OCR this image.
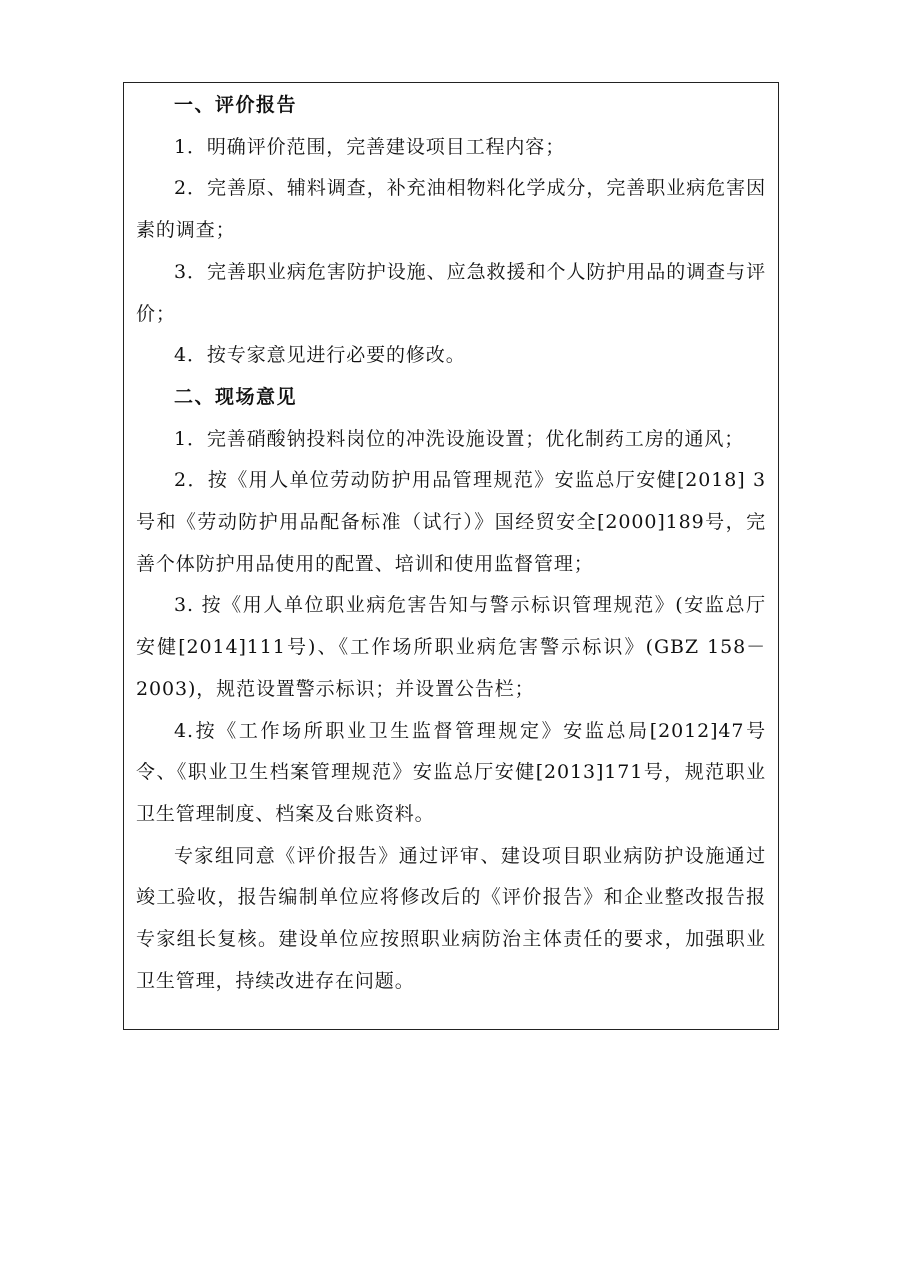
一、评价报告

1．明确评价范围，完善建设项目工程内容；

2．完善原、辅料调查，补充油相物料化学成分，完善职业病危害因素的调查；

3．完善职业病危害防护设施、应急救援和个人防护用品的调查与评价；

4．按专家意见进行必要的修改。

二、现场意见

1．完善硝酸钠投料岗位的冲洗设施设置；优化制药工房的通风；

2．按《用人单位劳动防护用品管理规范》安监总厅安健[2018] 3号和《劳动防护用品配备标准（试行）》国经贸安全[2000]189号，完善个体防护用品使用的配置、培训和使用监督管理；

3. 按《用人单位职业病危害告知与警示标识管理规范》(安监总厅安健[2014]111号)、《工作场所职业病危害警示标识》(GBZ 158－2003)，规范设置警示标识；并设置公告栏；

4.按《工作场所职业卫生监督管理规定》安监总局[2012]47号令、《职业卫生档案管理规范》安监总厅安健[2013]171号，规范职业卫生管理制度、档案及台账资料。

专家组同意《评价报告》通过评审、建设项目职业病防护设施通过竣工验收，报告编制单位应将修改后的《评价报告》和企业整改报告报专家组长复核。建设单位应按照职业病防治主体责任的要求，加强职业卫生管理，持续改进存在问题。
